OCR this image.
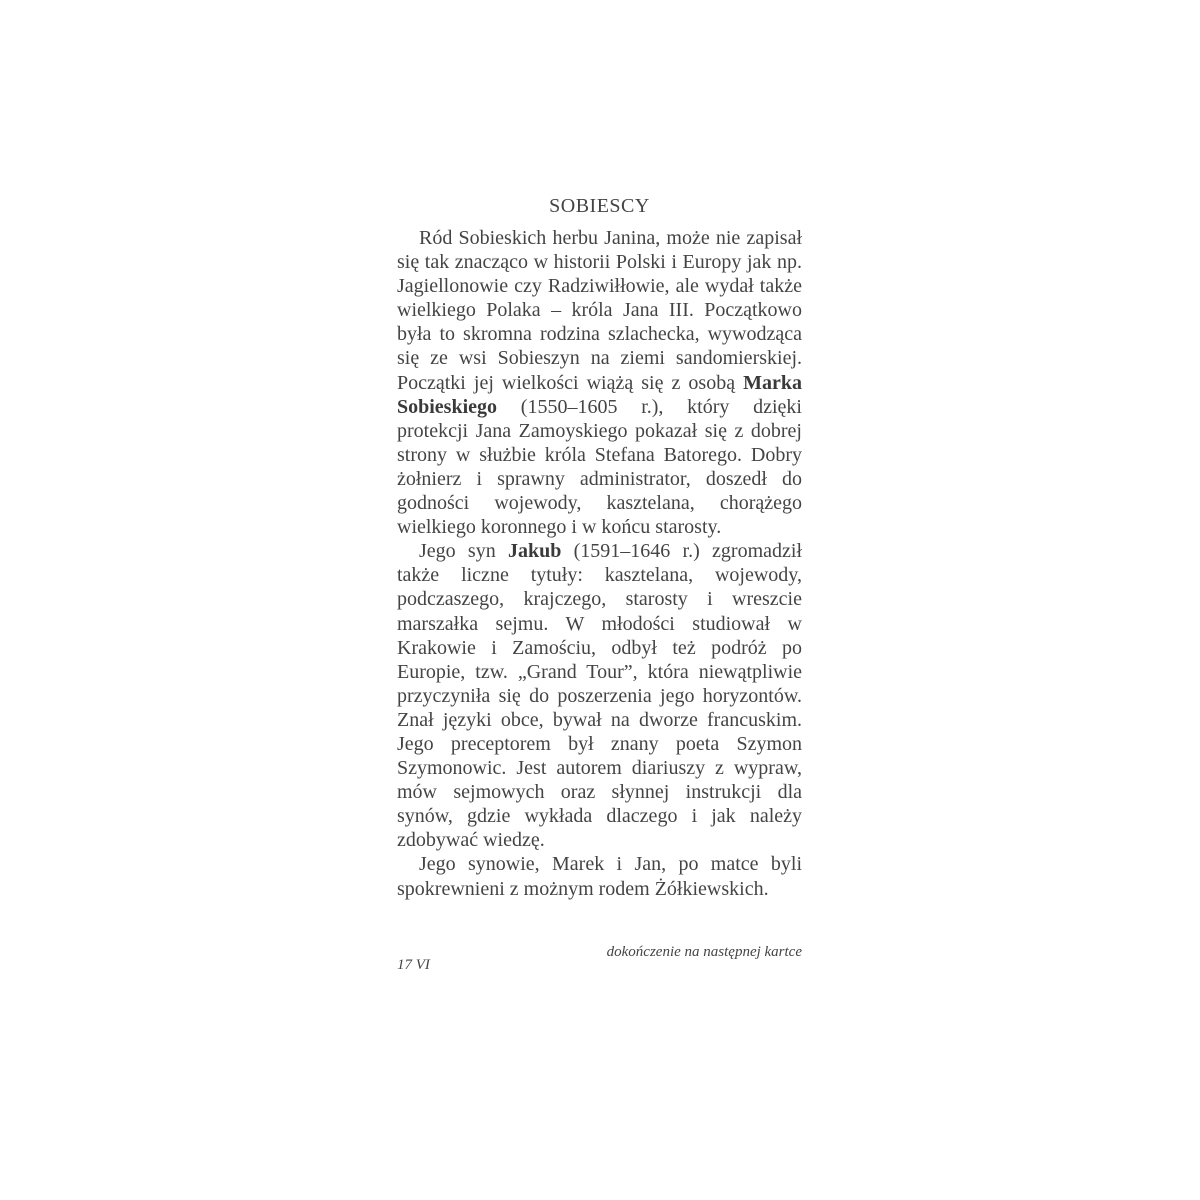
SOBIESCY

Ród Sobieskich herbu Janina, może nie zapisał się tak znacząco w historii Polski i Europy jak np. Jagiellonowie czy Radziwiłłowie, ale wydał także wielkiego Polaka – króla Jana III. Początkowo była to skromna rodzina szlachecka, wywodząca się ze wsi Sobieszyn na ziemi sandomierskiej. Początki jej wielkości wiążą się z osobą Marka Sobieskiego (1550–1605 r.), który dzięki protekcji Jana Zamoyskiego pokazał się z dobrej strony w służbie króla Stefana Batorego. Dobry żołnierz i sprawny administrator, doszedł do godności wojewody, kasztelana, chorążego wielkiego koronnego i w końcu starosty.

Jego syn Jakub (1591–1646 r.) zgromadził także liczne tytuły: kasztelana, wojewody, podczaszego, krajczego, starosty i wreszcie marszałka sejmu. W młodości studiował w Krakowie i Zamościu, odbył też podróż po Europie, tzw. „Grand Tour”, która niewątpliwie przyczyniła się do poszerzenia jego horyzontów. Znał języki obce, bywał na dworze francuskim. Jego preceptorem był znany poeta Szymon Szymonowic. Jest autorem diariuszy z wypraw, mów sejmowych oraz słynnej instrukcji dla synów, gdzie wykłada dlaczego i jak należy zdobywać wiedzę.

Jego synowie, Marek i Jan, po matce byli spokrewnieni z możnym rodem Żółkiewskich.

dokończenie na następnej kartce
17 VI
